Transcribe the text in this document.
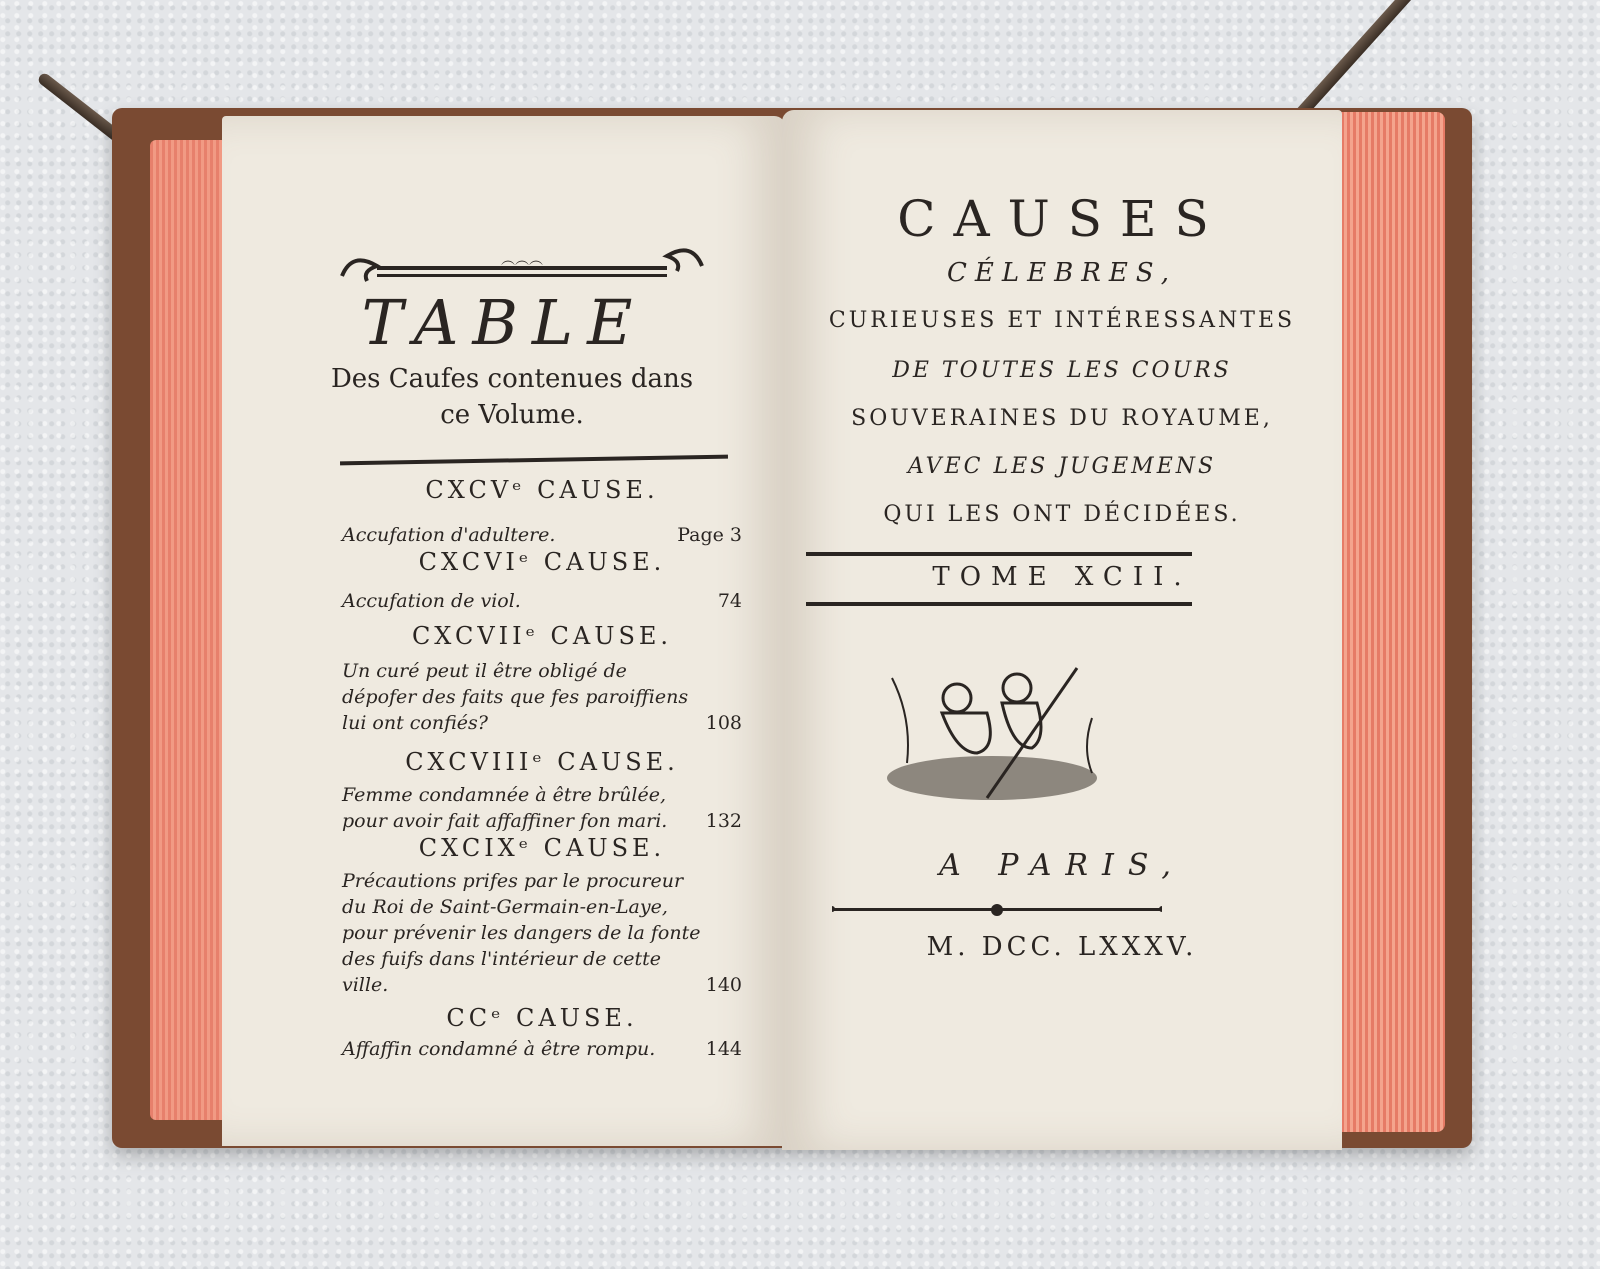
︵︵︵
TABLE
Des Caufes contenues dans ce Volume.
CXCVᵉ CAUSE.
Accufation d'adultere.	Page 3
CXCVIᵉ CAUSE.
Accufation de viol.	74
CXCVIIᵉ CAUSE.
Un curé peut il être obligé de dépofer des faits que fes paroiffiens lui ont confiés?	108
CXCVIIIᵉ CAUSE.
Femme condamnée à être brûlée, pour avoir fait affaffiner fon mari. 132
CXCIXᵉ CAUSE.
Précautions prifes par le procureur du Roi de Saint-Germain-en-Laye, pour prévenir les dangers de la fonte des fuifs dans l'intérieur de cette ville.	140
CCᵉ CAUSE.
Affaffin condamné à être rompu.	144
CAUSES
CÉLEBRES,
CURIEUSES ET INTÉRESSANTES
DE TOUTES LES COURS
SOUVERAINES DU ROYAUME,
AVEC LES JUGEMENS
QUI LES ONT DÉCIDÉES.
TOME XCII.
A PARIS,
M. DCC. LXXXV.
